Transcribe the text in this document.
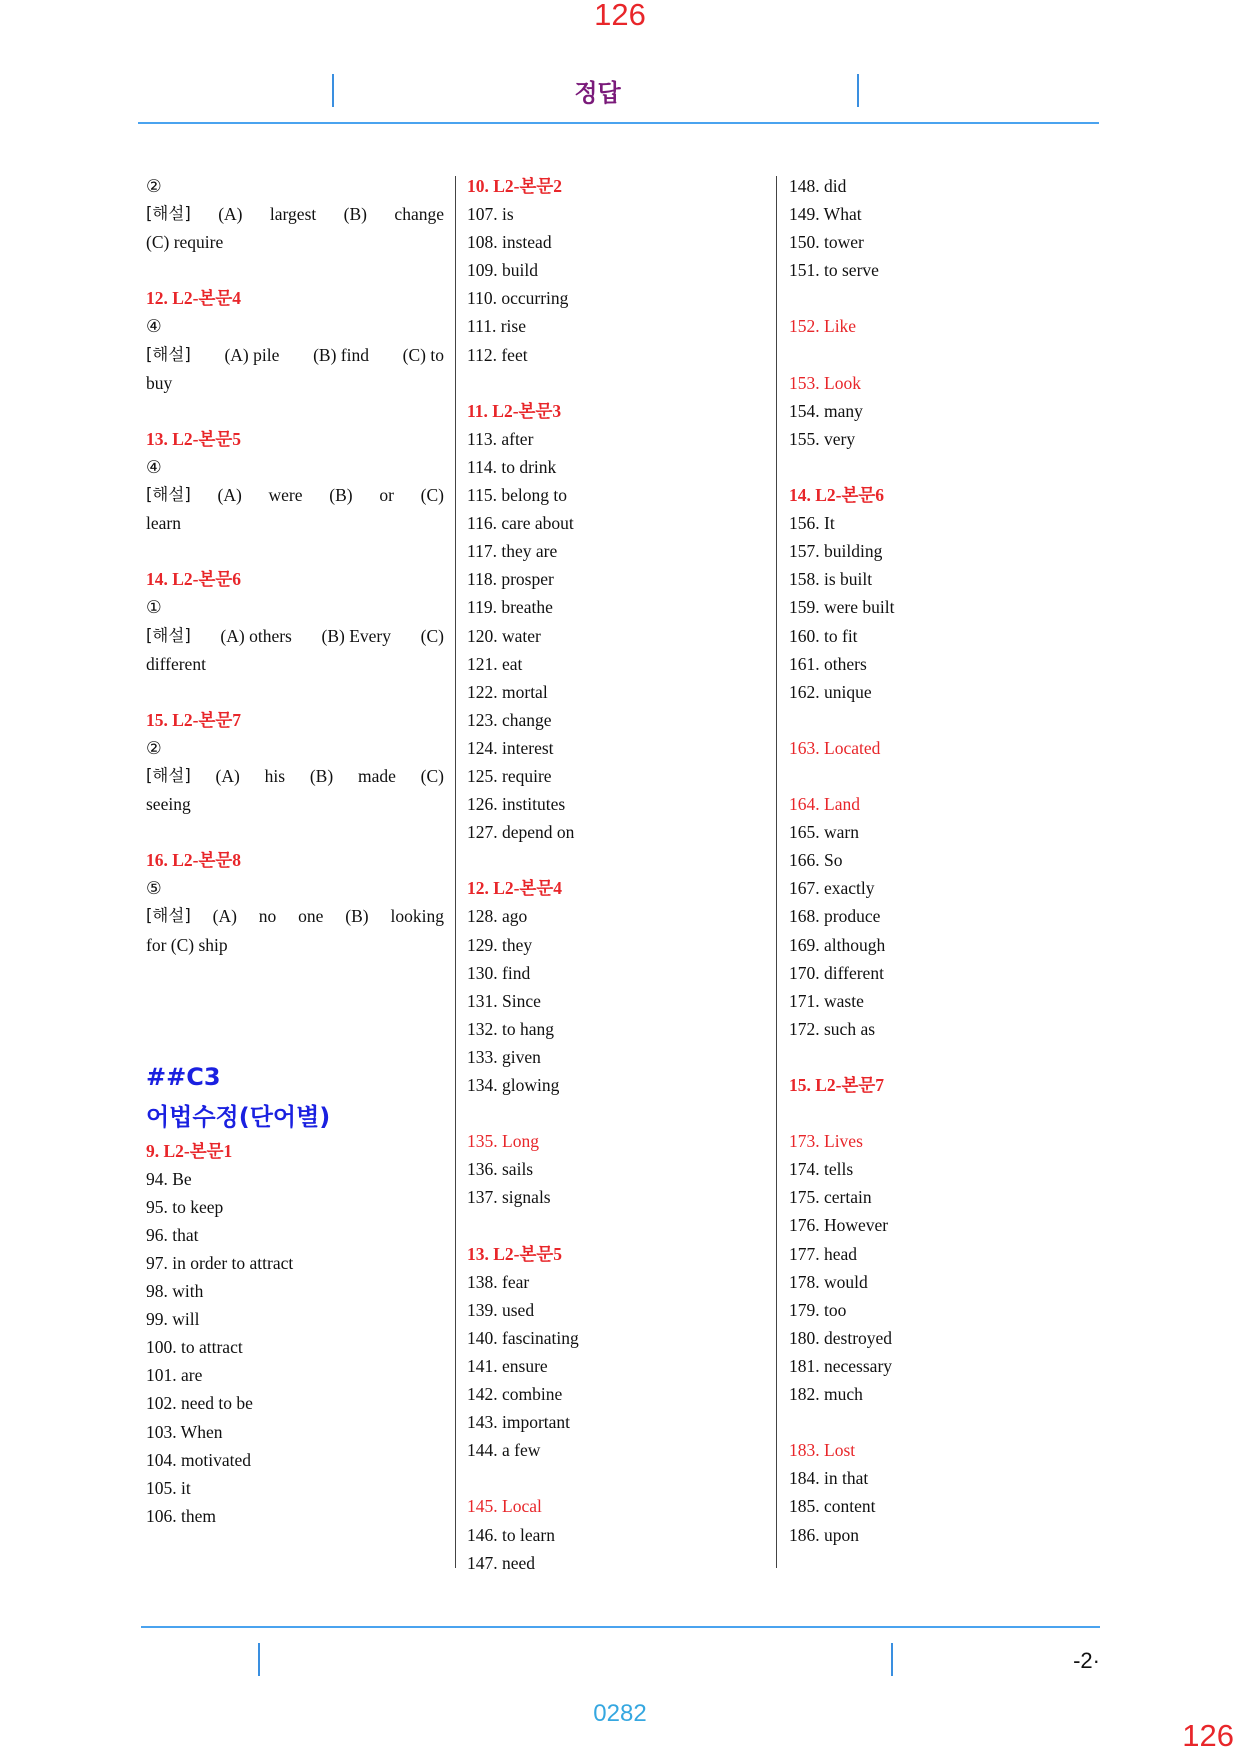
126
정답
②
[해설] (A) largest (B) change
(C) require
12. L2-본문4
④
[해설] (A) pile (B) find (C) to
buy
13. L2-본문5
④
[해설] (A) were (B) or (C)
learn
14. L2-본문6
①
[해설] (A) others (B) Every (C)
different
15. L2-본문7
②
[해설] (A) his (B) made (C)
seeing
16. L2-본문8
⑤
[해설] (A) no one (B) looking
for (C) ship
##C3
어법수정(단어별)
9. L2-본문1
94. Be
95. to keep
96. that
97. in order to attract
98. with
99. will
100. to attract
101. are
102. need to be
103. When
104. motivated
105. it
106. them
10. L2-본문2
107. is
108. instead
109. build
110. occurring
111. rise
112. feet
11. L2-본문3
113. after
114. to drink
115. belong to
116. care about
117. they are
118. prosper
119. breathe
120. water
121. eat
122. mortal
123. change
124. interest
125. require
126. institutes
127. depend on
12. L2-본문4
128. ago
129. they
130. find
131. Since
132. to hang
133. given
134. glowing
135. Long
136. sails
137. signals
13. L2-본문5
138. fear
139. used
140. fascinating
141. ensure
142. combine
143. important
144. a few
145. Local
146. to learn
147. need
148. did
149. What
150. tower
151. to serve
152. Like
153. Look
154. many
155. very
14. L2-본문6
156. It
157. building
158. is built
159. were built
160. to fit
161. others
162. unique
163. Located
164. Land
165. warn
166. So
167. exactly
168. produce
169. although
170. different
171. waste
172. such as
15. L2-본문7
173. Lives
174. tells
175. certain
176. However
177. head
178. would
179. too
180. destroyed
181. necessary
182. much
183. Lost
184. in that
185. content
186. upon
-2·
0282
126
